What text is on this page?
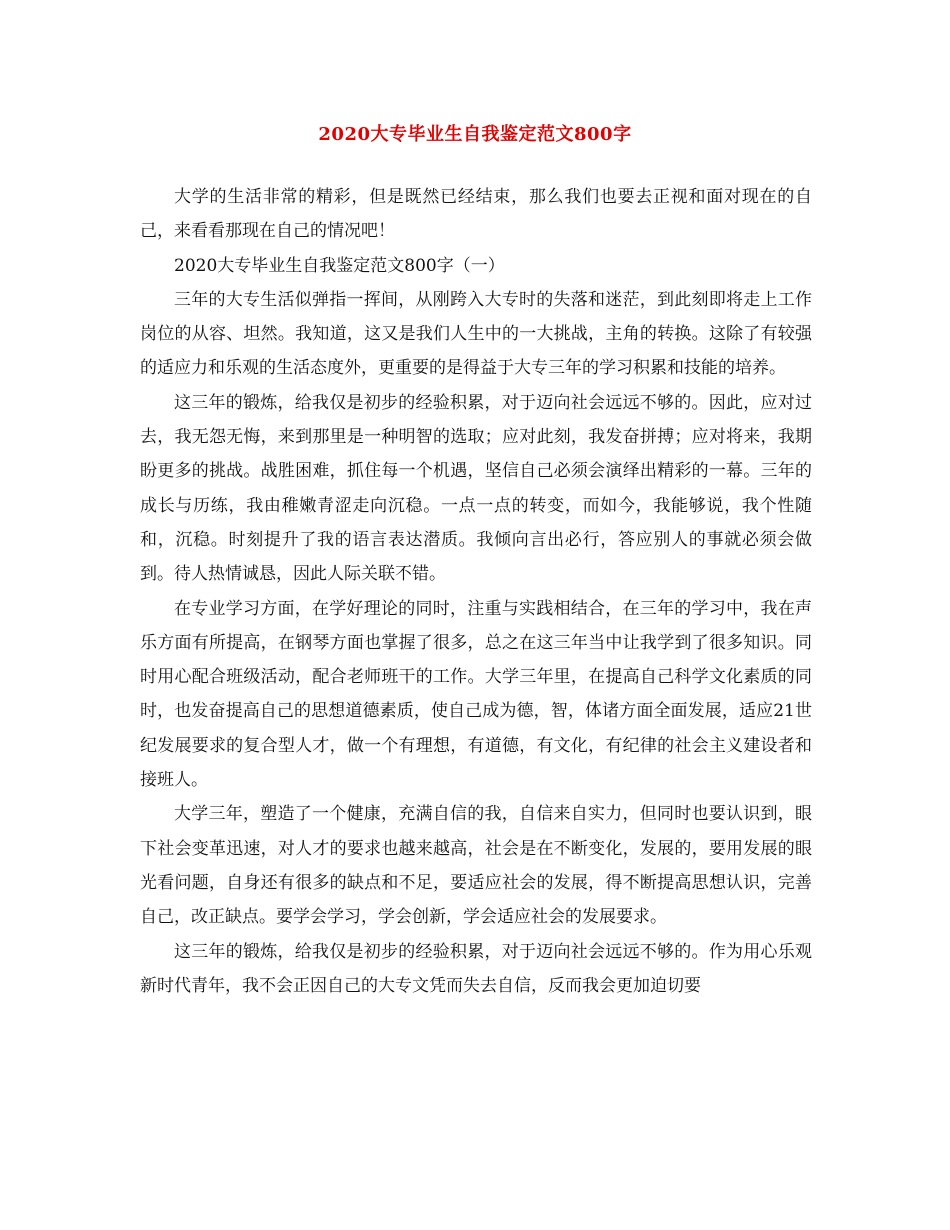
2020大专毕业生自我鉴定范文800字

大学的生活非常的精彩，但是既然已经结束，那么我们也要去正视和面对现在的自己，来看看那现在自己的情况吧！

2020大专毕业生自我鉴定范文800字（一）

三年的大专生活似弹指一挥间，从刚跨入大专时的失落和迷茫，到此刻即将走上工作岗位的从容、坦然。我知道，这又是我们人生中的一大挑战，主角的转换。这除了有较强的适应力和乐观的生活态度外，更重要的是得益于大专三年的学习积累和技能的培养。

这三年的锻炼，给我仅是初步的经验积累，对于迈向社会远远不够的。因此，应对过去，我无怨无悔，来到那里是一种明智的选取；应对此刻，我发奋拼搏；应对将来，我期盼更多的挑战。战胜困难，抓住每一个机遇，坚信自己必须会演绎出精彩的一幕。三年的成长与历练，我由稚嫩青涩走向沉稳。一点一点的转变，而如今，我能够说，我个性随和，沉稳。时刻提升了我的语言表达潜质。我倾向言出必行，答应别人的事就必须会做到。待人热情诚恳，因此人际关联不错。

在专业学习方面，在学好理论的同时，注重与实践相结合，在三年的学习中，我在声乐方面有所提高，在钢琴方面也掌握了很多，总之在这三年当中让我学到了很多知识。同时用心配合班级活动，配合老师班干的工作。大学三年里，在提高自己科学文化素质的同时，也发奋提高自己的思想道德素质，使自己成为德，智，体诸方面全面发展，适应21世纪发展要求的复合型人才，做一个有理想，有道德，有文化，有纪律的社会主义建设者和接班人。

大学三年，塑造了一个健康，充满自信的我，自信来自实力，但同时也要认识到，眼下社会变革迅速，对人才的要求也越来越高，社会是在不断变化，发展的，要用发展的眼光看问题，自身还有很多的缺点和不足，要适应社会的发展，得不断提高思想认识，完善自己，改正缺点。要学会学习，学会创新，学会适应社会的发展要求。

这三年的锻炼，给我仅是初步的经验积累，对于迈向社会远远不够的。作为用心乐观新时代青年，我不会正因自己的大专文凭而失去自信，反而我会更加迫切要
